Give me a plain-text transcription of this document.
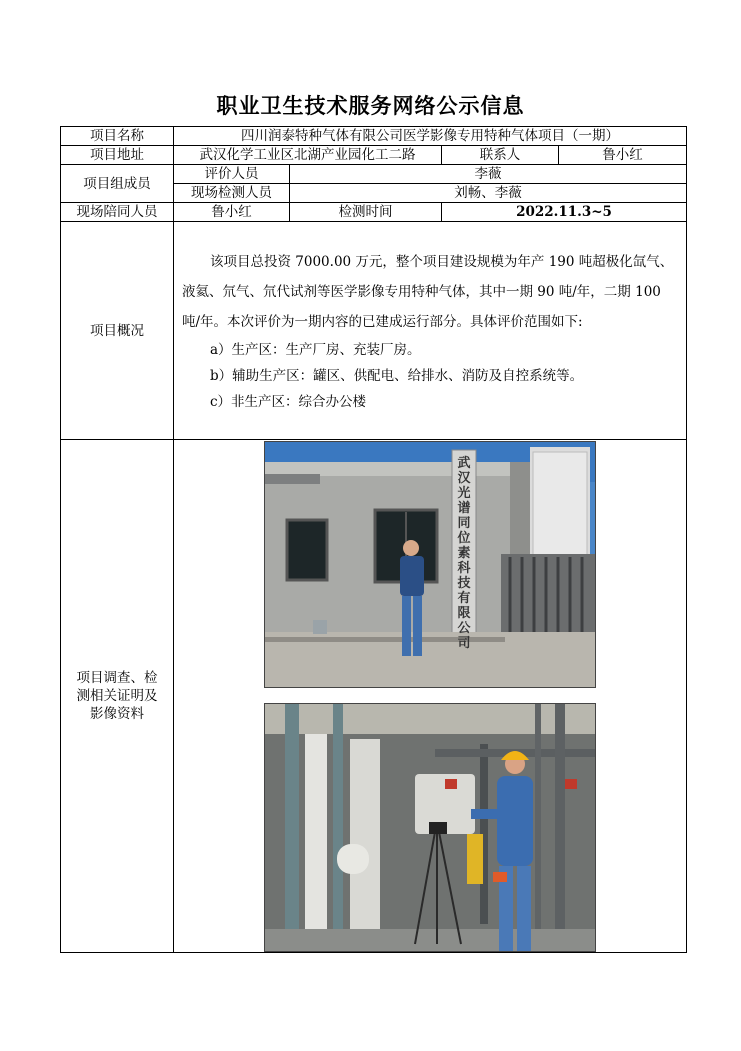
职业卫生技术服务网络公示信息
项目名称	四川润泰特种气体有限公司医学影像专用特种气体项目（一期）			
项目地址	武汉化学工业区北湖产业园化工二路		联系人	鲁小红
项目组成员	评价人员	李薇		
	现场检测人员	刘畅、李薇		
现场陪同人员	鲁小红	检测时间	2022.11.3~5	
项目概况	该项目总投资 7000.00 万元，整个项目建设规模为年产 190 吨超极化氙气、液氦、氘气、氘代试剂等医学影像专用特种气体，其中一期 90 吨/年，二期 100 吨/年。本次评价为一期内容的已建成运行部分。具体评价范围如下:

a）生产区：生产厂房、充装厂房。

b）辅助生产区：罐区、供配电、给排水、消防及自控系统等。

c）非生产区：综合办公楼			

项目调查、检测相关证明及影像资料	武汉光谱同位素科技有限公司			
